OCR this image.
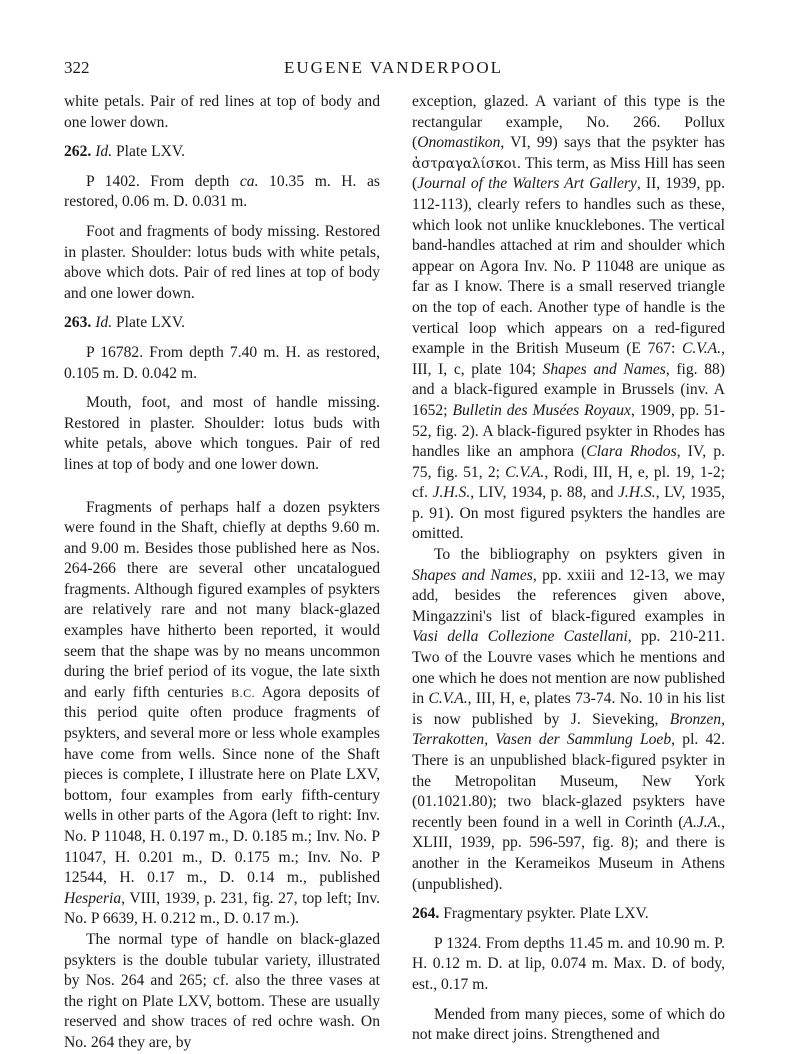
322	EUGENE VANDERPOOL

white petals. Pair of red lines at top of body and one lower down.

262. Id. Plate LXV.

P 1402. From depth ca. 10.35 m. H. as restored, 0.06 m. D. 0.031 m.

Foot and fragments of body missing. Restored in plaster. Shoulder: lotus buds with white petals, above which dots. Pair of red lines at top of body and one lower down.

263. Id. Plate LXV.

P 16782. From depth 7.40 m. H. as restored, 0.105 m. D. 0.042 m.

Mouth, foot, and most of handle missing. Restored in plaster. Shoulder: lotus buds with white petals, above which tongues. Pair of red lines at top of body and one lower down.

Fragments of perhaps half a dozen psykters were found in the Shaft, chiefly at depths 9.60 m. and 9.00 m. Besides those published here as Nos. 264-266 there are several other uncatalogued fragments. Although figured examples of psykters are relatively rare and not many black-glazed examples have hitherto been reported, it would seem that the shape was by no means uncommon during the brief period of its vogue, the late sixth and early fifth centuries B.C. Agora deposits of this period quite often produce fragments of psykters, and several more or less whole examples have come from wells. Since none of the Shaft pieces is complete, I illustrate here on Plate LXV, bottom, four examples from early fifth-century wells in other parts of the Agora (left to right: Inv. No. P 11048, H. 0.197 m., D. 0.185 m.; Inv. No. P 11047, H. 0.201 m., D. 0.175 m.; Inv. No. P 12544, H. 0.17 m., D. 0.14 m., published Hesperia, VIII, 1939, p. 231, fig. 27, top left; Inv. No. P 6639, H. 0.212 m., D. 0.17 m.).

The normal type of handle on black-glazed psykters is the double tubular variety, illustrated by Nos. 264 and 265; cf. also the three vases at the right on Plate LXV, bottom. These are usually reserved and show traces of red ochre wash. On No. 264 they are, by

exception, glazed. A variant of this type is the rectangular example, No. 266. Pollux (Onomastikon, VI, 99) says that the psykter has ἀστραγαλίσκοι. This term, as Miss Hill has seen (Journal of the Walters Art Gallery, II, 1939, pp. 112-113), clearly refers to handles such as these, which look not unlike knucklebones. The vertical band-handles attached at rim and shoulder which appear on Agora Inv. No. P 11048 are unique as far as I know. There is a small reserved triangle on the top of each. Another type of handle is the vertical loop which appears on a red-figured example in the British Museum (E 767: C.V.A., III, I, c, plate 104; Shapes and Names, fig. 88) and a black-figured example in Brussels (inv. A 1652; Bulletin des Musées Royaux, 1909, pp. 51-52, fig. 2). A black-figured psykter in Rhodes has handles like an amphora (Clara Rhodos, IV, p. 75, fig. 51, 2; C.V.A., Rodi, III, H, e, pl. 19, 1-2; cf. J.H.S., LIV, 1934, p. 88, and J.H.S., LV, 1935, p. 91). On most figured psykters the handles are omitted.

To the bibliography on psykters given in Shapes and Names, pp. xxiii and 12-13, we may add, besides the references given above, Mingazzini's list of black-figured examples in Vasi della Collezione Castellani, pp. 210-211. Two of the Louvre vases which he mentions and one which he does not mention are now published in C.V.A., III, H, e, plates 73-74. No. 10 in his list is now published by J. Sieveking, Bronzen, Terrakotten, Vasen der Sammlung Loeb, pl. 42. There is an unpublished black-figured psykter in the Metropolitan Museum, New York (01.1021.80); two black-glazed psykters have recently been found in a well in Corinth (A.J.A., XLIII, 1939, pp. 596-597, fig. 8); and there is another in the Kerameikos Museum in Athens (unpublished).

264. Fragmentary psykter. Plate LXV.

P 1324. From depths 11.45 m. and 10.90 m. P. H. 0.12 m. D. at lip, 0.074 m. Max. D. of body, est., 0.17 m.

Mended from many pieces, some of which do not make direct joins. Strengthened and
